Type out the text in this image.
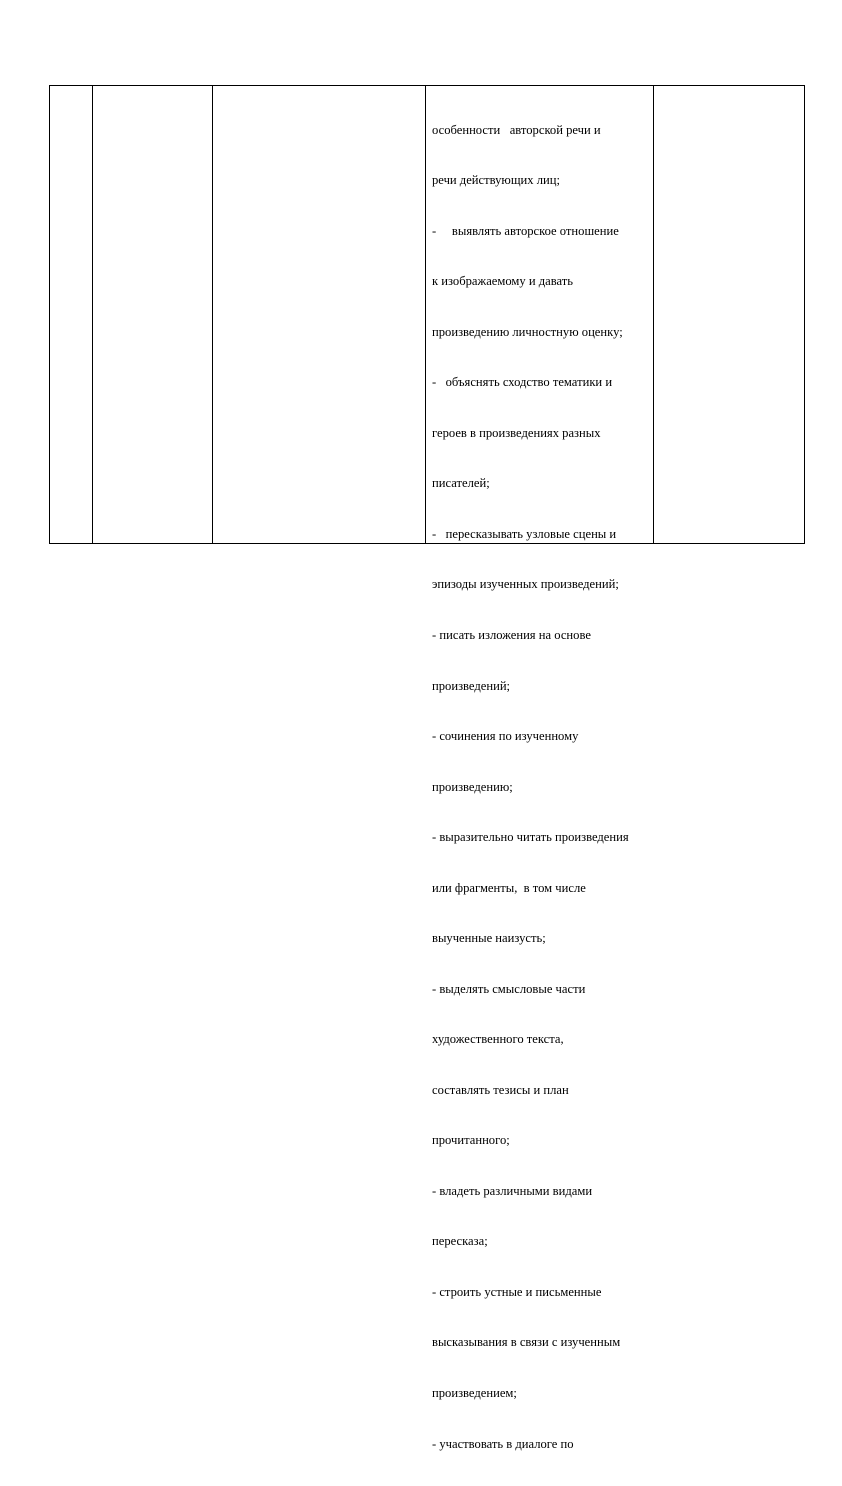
особенности   авторской речи и

речи действующих лиц;

-     выявлять авторское отношение

к изображаемому и давать

произведению личностную оценку;

-   объяснять сходство тематики и

героев в произведениях разных

писателей;

-   пересказывать узловые сцены и

эпизоды изученных произведений;

- писать изложения на основе

произведений;

- сочинения по изученному

произведению;

- выразительно читать произведения

или фрагменты,  в том числе

выученные наизусть;

- выделять смысловые части

художественного текста,

составлять тезисы и план

прочитанного;

- владеть различными видами

пересказа;

- строить устные и письменные

высказывания в связи с изученным

произведением;

- участвовать в диалоге по
